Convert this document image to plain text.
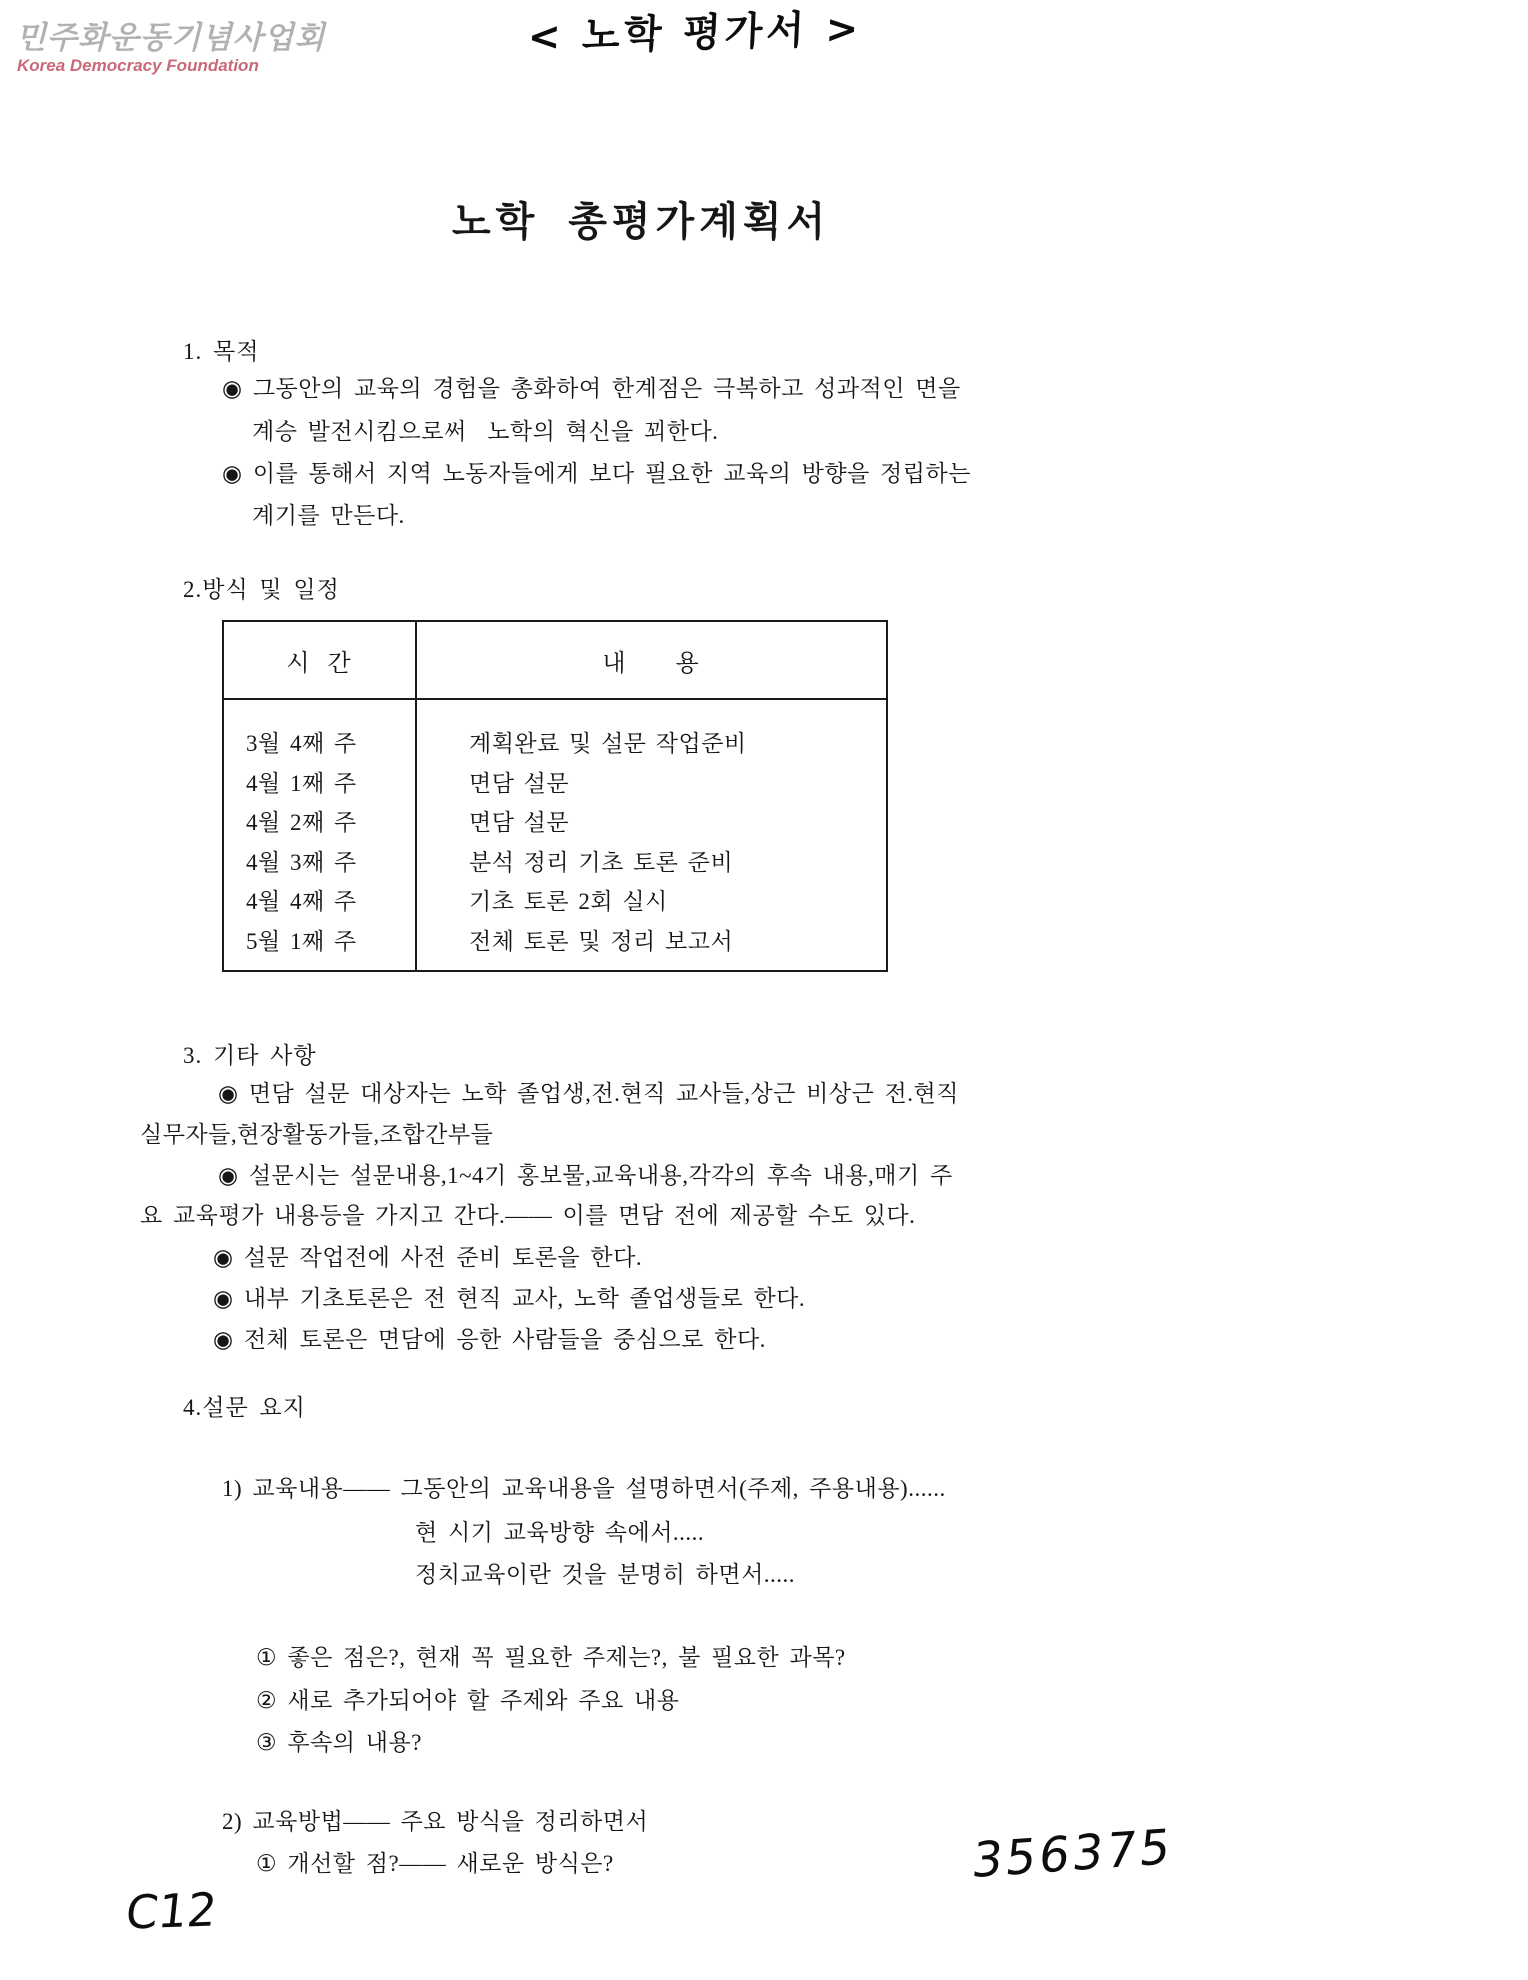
민주화운동기념사업회
Korea Democracy Foundation
< 노학 평가서 >
노학 총평가계획서
1. 목적
◉ 그동안의 교육의 경험을 총화하여 한계점은 극복하고 성과적인 면을
계승 발전시킴으로써  노학의 혁신을 꾀한다.
◉ 이를 통해서 지역 노동자들에게 보다 필요한 교육의 방향을 정립하는
계기를 만든다.
2.방식 및 일정
시  간	내      용
3월 4째 주
4월 1째 주
4월 2째 주
4월 3째 주
4월 4째 주
5월 1째 주
계획완료 및 설문 작업준비
면담 설문
면담 설문
분석 정리 기초 토론 준비
기초 토론 2회 실시
전체 토론 및 정리 보고서
3. 기타 사항
◉ 면담 설문 대상자는 노학 졸업생,전.현직 교사들,상근 비상근 전.현직
실무자들,현장활동가들,조합간부들
◉ 설문시는 설문내용,1~4기 홍보물,교육내용,각각의 후속 내용,매기 주
요 교육평가 내용등을 가지고 간다.—— 이를 면담 전에 제공할 수도 있다.
◉ 설문 작업전에 사전 준비 토론을 한다.
◉ 내부 기초토론은 전 현직 교사, 노학 졸업생들로 한다.
◉ 전체 토론은 면담에 응한 사람들을 중심으로 한다.
4.설문 요지
1) 교육내용—— 그동안의 교육내용을 설명하면서(주제, 주용내용)......
현 시기 교육방향 속에서.....
정치교육이란 것을 분명히 하면서.....
① 좋은 점은?, 현재 꼭 필요한 주제는?, 불 필요한 과목?
② 새로 추가되어야 할 주제와 주요 내용
③ 후속의 내용?
2) 교육방법—— 주요 방식을 정리하면서
① 개선할 점?—— 새로운 방식은?
C12
356375
